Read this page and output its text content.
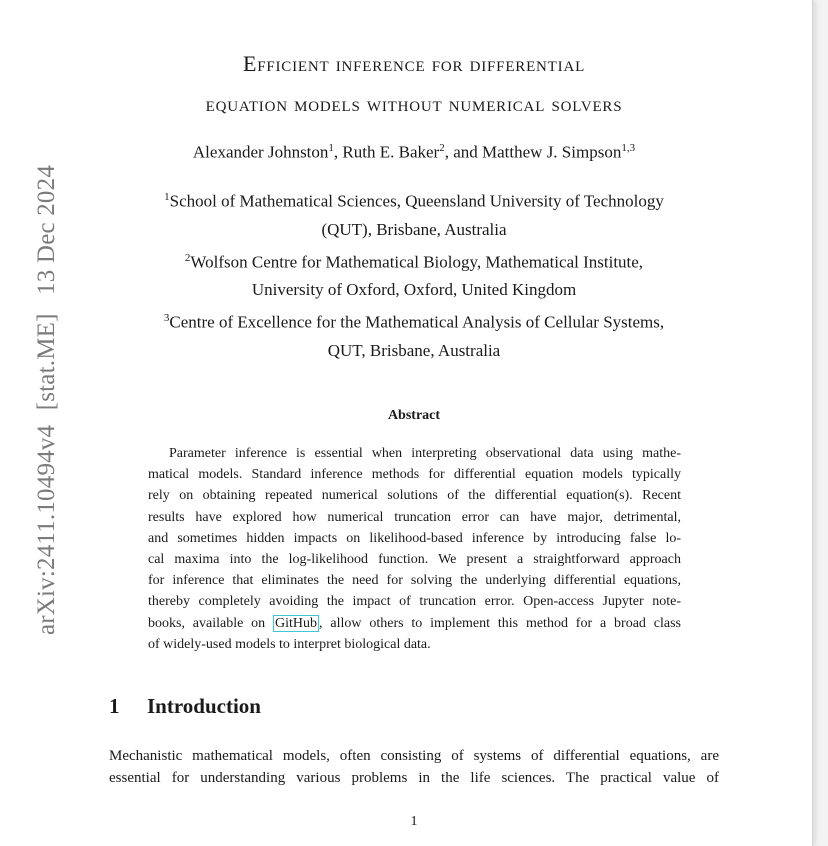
arXiv:2411.10494v4 [stat.ME] 13 Dec 2024
Efficient inference for differential
equation models without numerical solvers
Alexander Johnston$^1$, Ruth E. Baker$^2$, and Matthew J. Simpson$^{1,3}$
$^1$School of Mathematical Sciences, Queensland University of Technology
(QUT), Brisbane, Australia
$^2$Wolfson Centre for Mathematical Biology, Mathematical Institute,
University of Oxford, Oxford, United Kingdom
$^3$Centre of Excellence for the Mathematical Analysis of Cellular Systems,
QUT, Brisbane, Australia
Abstract
Parameter inference is essential when interpreting observational data using mathe-
matical models. Standard inference methods for differential equation models typically
rely on obtaining repeated numerical solutions of the differential equation(s). Recent
results have explored how numerical truncation error can have major, detrimental,
and sometimes hidden impacts on likelihood-based inference by introducing false lo-
cal maxima into the log-likelihood function. We present a straightforward approach
for inference that eliminates the need for solving the underlying differential equations,
thereby completely avoiding the impact of truncation error. Open-access Jupyter note-
books, available on GitHub , allow others to implement this method for a broad class
of widely-used models to interpret biological data.
1 Introduction
Mechanistic mathematical models, often consisting of systems of differential equations, are
essential for understanding various problems in the life sciences. The practical value of
1
